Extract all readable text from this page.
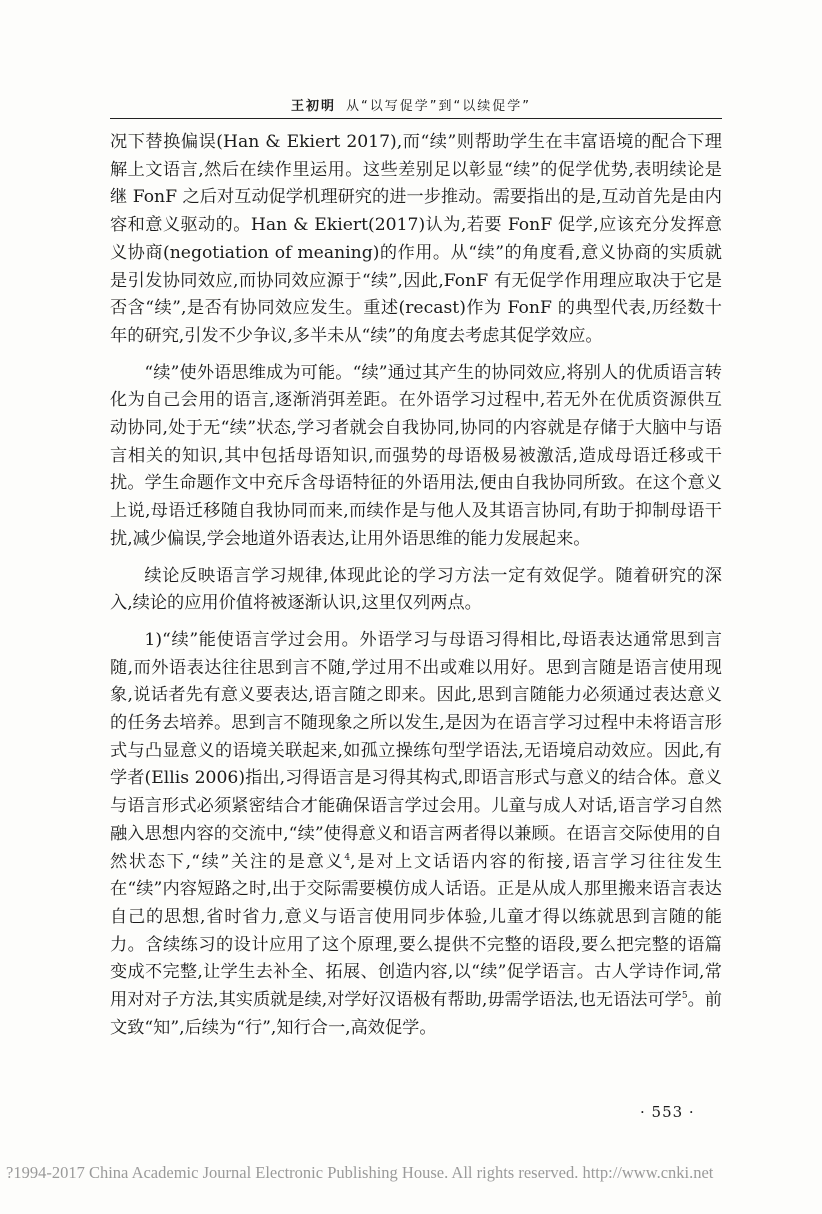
王初明 从“以写促学”到“以续促学”

况下替换偏误(Han & Ekiert 2017),而“续”则帮助学生在丰富语境的配合下理解上文语言,然后在续作里运用。这些差别足以彰显“续”的促学优势,表明续论是继 FonF 之后对互动促学机理研究的进一步推动。需要指出的是,互动首先是由内容和意义驱动的。Han & Ekiert(2017)认为,若要 FonF 促学,应该充分发挥意义协商(negotiation of meaning)的作用。从“续”的角度看,意义协商的实质就是引发协同效应,而协同效应源于“续”,因此,FonF 有无促学作用理应取决于它是否含“续”,是否有协同效应发生。重述(recast)作为 FonF 的典型代表,历经数十年的研究,引发不少争议,多半未从“续”的角度去考虑其促学效应。

“续”使外语思维成为可能。“续”通过其产生的协同效应,将别人的优质语言转化为自己会用的语言,逐渐消弭差距。在外语学习过程中,若无外在优质资源供互动协同,处于无“续”状态,学习者就会自我协同,协同的内容就是存储于大脑中与语言相关的知识,其中包括母语知识,而强势的母语极易被激活,造成母语迁移或干扰。学生命题作文中充斥含母语特征的外语用法,便由自我协同所致。在这个意义上说,母语迁移随自我协同而来,而续作是与他人及其语言协同,有助于抑制母语干扰,减少偏误,学会地道外语表达,让用外语思维的能力发展起来。

续论反映语言学习规律,体现此论的学习方法一定有效促学。随着研究的深入,续论的应用价值将被逐渐认识,这里仅列两点。

1)“续”能使语言学过会用。外语学习与母语习得相比,母语表达通常思到言随,而外语表达往往思到言不随,学过用不出或难以用好。思到言随是语言使用现象,说话者先有意义要表达,语言随之即来。因此,思到言随能力必须通过表达意义的任务去培养。思到言不随现象之所以发生,是因为在语言学习过程中未将语言形式与凸显意义的语境关联起来,如孤立操练句型学语法,无语境启动效应。因此,有学者(Ellis 2006)指出,习得语言是习得其构式,即语言形式与意义的结合体。意义与语言形式必须紧密结合才能确保语言学过会用。儿童与成人对话,语言学习自然融入思想内容的交流中,“续”使得意义和语言两者得以兼顾。在语言交际使用的自然状态下,“续”关注的是意义$^4$,是对上文话语内容的衔接,语言学习往往发生在“续”内容短路之时,出于交际需要模仿成人话语。正是从成人那里搬来语言表达自己的思想,省时省力,意义与语言使用同步体验,儿童才得以练就思到言随的能力。含续练习的设计应用了这个原理,要么提供不完整的语段,要么把完整的语篇变成不完整,让学生去补全、拓展、创造内容,以“续”促学语言。古人学诗作词,常用对对子方法,其实质就是续,对学好汉语极有帮助,毋需学语法,也无语法可学$^5$。前文致“知”,后续为“行”,知行合一,高效促学。

· 553 ·
?1994-2017 China Academic Journal Electronic Publishing House. All rights reserved. http://www.cnki.net
